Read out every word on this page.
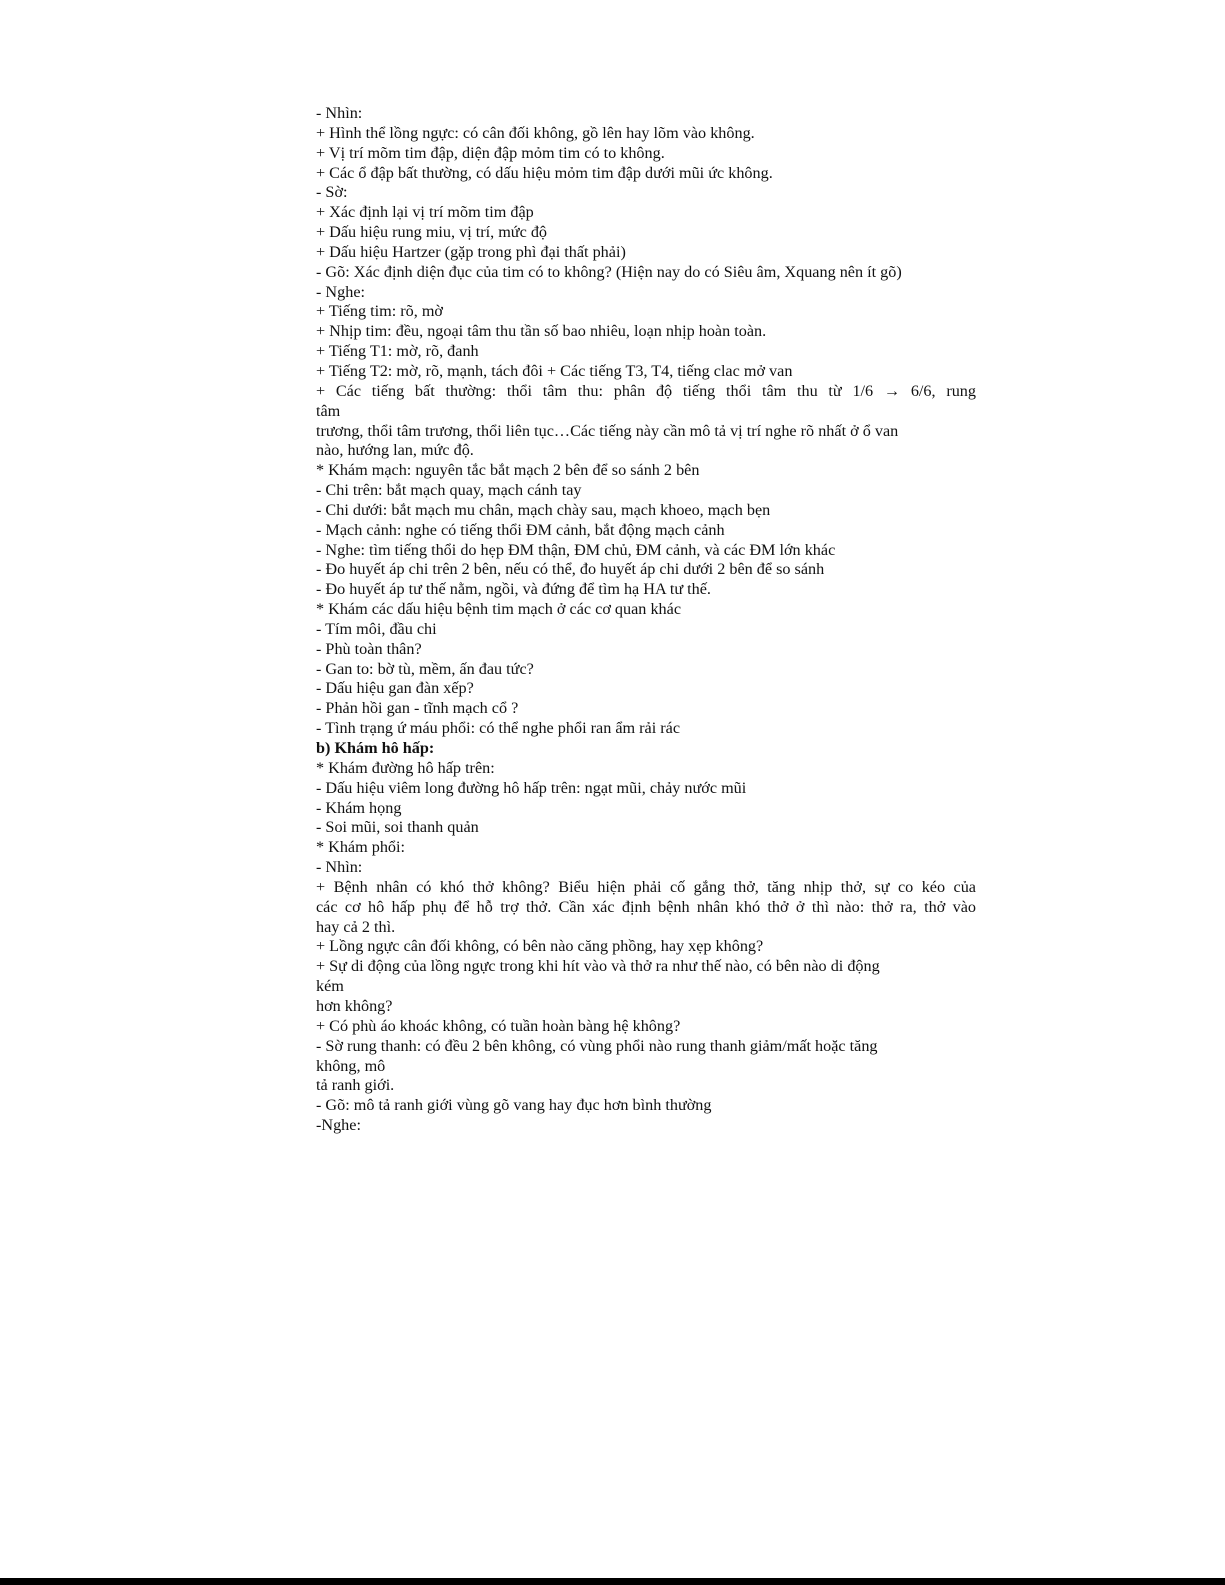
- Nhìn:
+ Hình thể lồng ngực: có cân đối không, gồ lên hay lõm vào không.
+ Vị trí mõm tim đập, diện đập mỏm tim có to không.
+ Các ổ đập bất thường, có dấu hiệu mỏm tim đập dưới mũi ức không.
- Sờ:
+ Xác định lại vị trí mõm tim đập
+ Dấu hiệu rung miu, vị trí, mức độ
+ Dấu hiệu Hartzer (gặp trong phì đại thất phải)
- Gõ: Xác định diện đục của tim có to không? (Hiện nay do có Siêu âm, Xquang nên ít gõ)
- Nghe:
+ Tiếng tim: rõ, mờ
+ Nhịp tim: đều, ngoại tâm thu tần số bao nhiêu, loạn nhịp hoàn toàn.
+ Tiếng T1: mờ, rõ, đanh
+ Tiếng T2: mờ, rõ, mạnh, tách đôi + Các tiếng T3, T4, tiếng clac mở van
+ Các tiếng bất thường: thổi tâm thu: phân độ tiếng thổi tâm thu từ 1/6 → 6/6, rung
tâm
trương, thổi tâm trương, thổi liên tục…Các tiếng này cần mô tả vị trí nghe rõ nhất ở ổ van
nào, hướng lan, mức độ.
* Khám mạch: nguyên tắc bắt mạch 2 bên để so sánh 2 bên
- Chi trên: bắt mạch quay, mạch cánh tay
- Chi dưới: bắt mạch mu chân, mạch chày sau, mạch khoeo, mạch bẹn
- Mạch cảnh: nghe có tiếng thổi ĐM cảnh, bắt động mạch cảnh
- Nghe: tìm tiếng thổi do hẹp ĐM thận, ĐM chủ, ĐM cảnh, và các ĐM lớn khác
- Đo huyết áp chi trên 2 bên, nếu có thể, đo huyết áp chi dưới 2 bên để so sánh
- Đo huyết áp tư thế nằm, ngồi, và đứng để tìm hạ HA tư thế.
* Khám các dấu hiệu bệnh tim mạch ở các cơ quan khác
- Tím môi, đầu chi
- Phù toàn thân?
- Gan to: bờ tù, mềm, ấn đau tức?
- Dấu hiệu gan đàn xếp?
- Phản hồi gan - tĩnh mạch cổ ?
- Tình trạng ứ máu phổi: có thể nghe phổi ran ẩm rải rác
b) Khám hô hấp:
* Khám đường hô hấp trên:
- Dấu hiệu viêm long đường hô hấp trên: ngạt mũi, chảy nước mũi
- Khám họng
- Soi mũi, soi thanh quản
* Khám phổi:
- Nhìn:
+ Bệnh nhân có khó thở không? Biểu hiện phải cố gắng thở, tăng nhịp thở, sự co kéo của
các cơ hô hấp phụ để hỗ trợ thở. Cần xác định bệnh nhân khó thở ở thì nào: thở ra, thở vào
hay cả 2 thì.
+ Lồng ngực cân đối không, có bên nào căng phồng, hay xẹp không?
+ Sự di động của lồng ngực trong khi hít vào và thở ra như thế nào, có bên nào di động
kém
hơn không?
+ Có phù áo khoác không, có tuần hoàn bàng hệ không?
- Sờ rung thanh: có đều 2 bên không, có vùng phổi nào rung thanh giảm/mất hoặc tăng
không, mô
tả ranh giới.
- Gõ: mô tả ranh giới vùng gõ vang hay đục hơn bình thường
-Nghe:
